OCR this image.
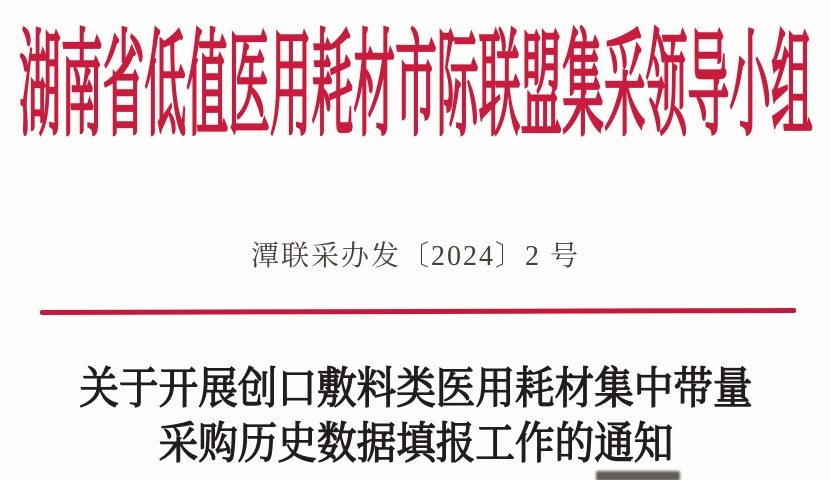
湖南省低值医用耗材市际联盟集采领导小组
潭联采办发〔2024〕2 号
关于开展创口敷料类医用耗材集中带量
采购历史数据填报工作的通知
